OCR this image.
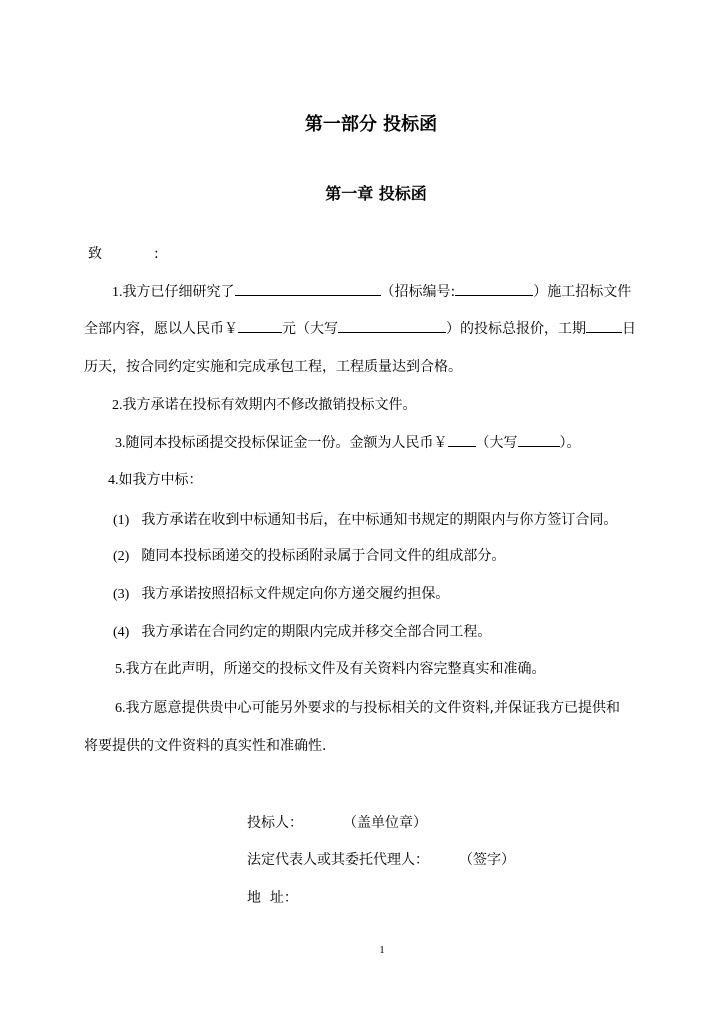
第一部分 投标函
第一章 投标函
致	:
1.我方已仔细研究了	（招标编号:	）施工招标文件
全部内容，愿以人民币￥	元（大写	）的投标总报价，工期	日
历天，按合同约定实施和完成承包工程，工程质量达到合格。
2.我方承诺在投标有效期内不修改撤销投标文件。
3.随同本投标函提交投标保证金一份。金额为人民币￥ （大写	）。
4.如我方中标：
(1) 我方承诺在收到中标通知书后，在中标通知书规定的期限内与你方签订合同。
(2) 随同本投标函递交的投标函附录属于合同文件的组成部分。
(3) 我方承诺按照招标文件规定向你方递交履约担保。
(4) 我方承诺在合同约定的期限内完成并移交全部合同工程。
5.我方在此声明，所递交的投标文件及有关资料内容完整真实和准确。
6.我方愿意提供贵中心可能另外要求的与投标相关的文件资料,并保证我方已提供和
将要提供的文件资料的真实性和准确性.
投标人：	（盖单位章）
法定代表人或其委托代理人： （签字）
地  址：
1
